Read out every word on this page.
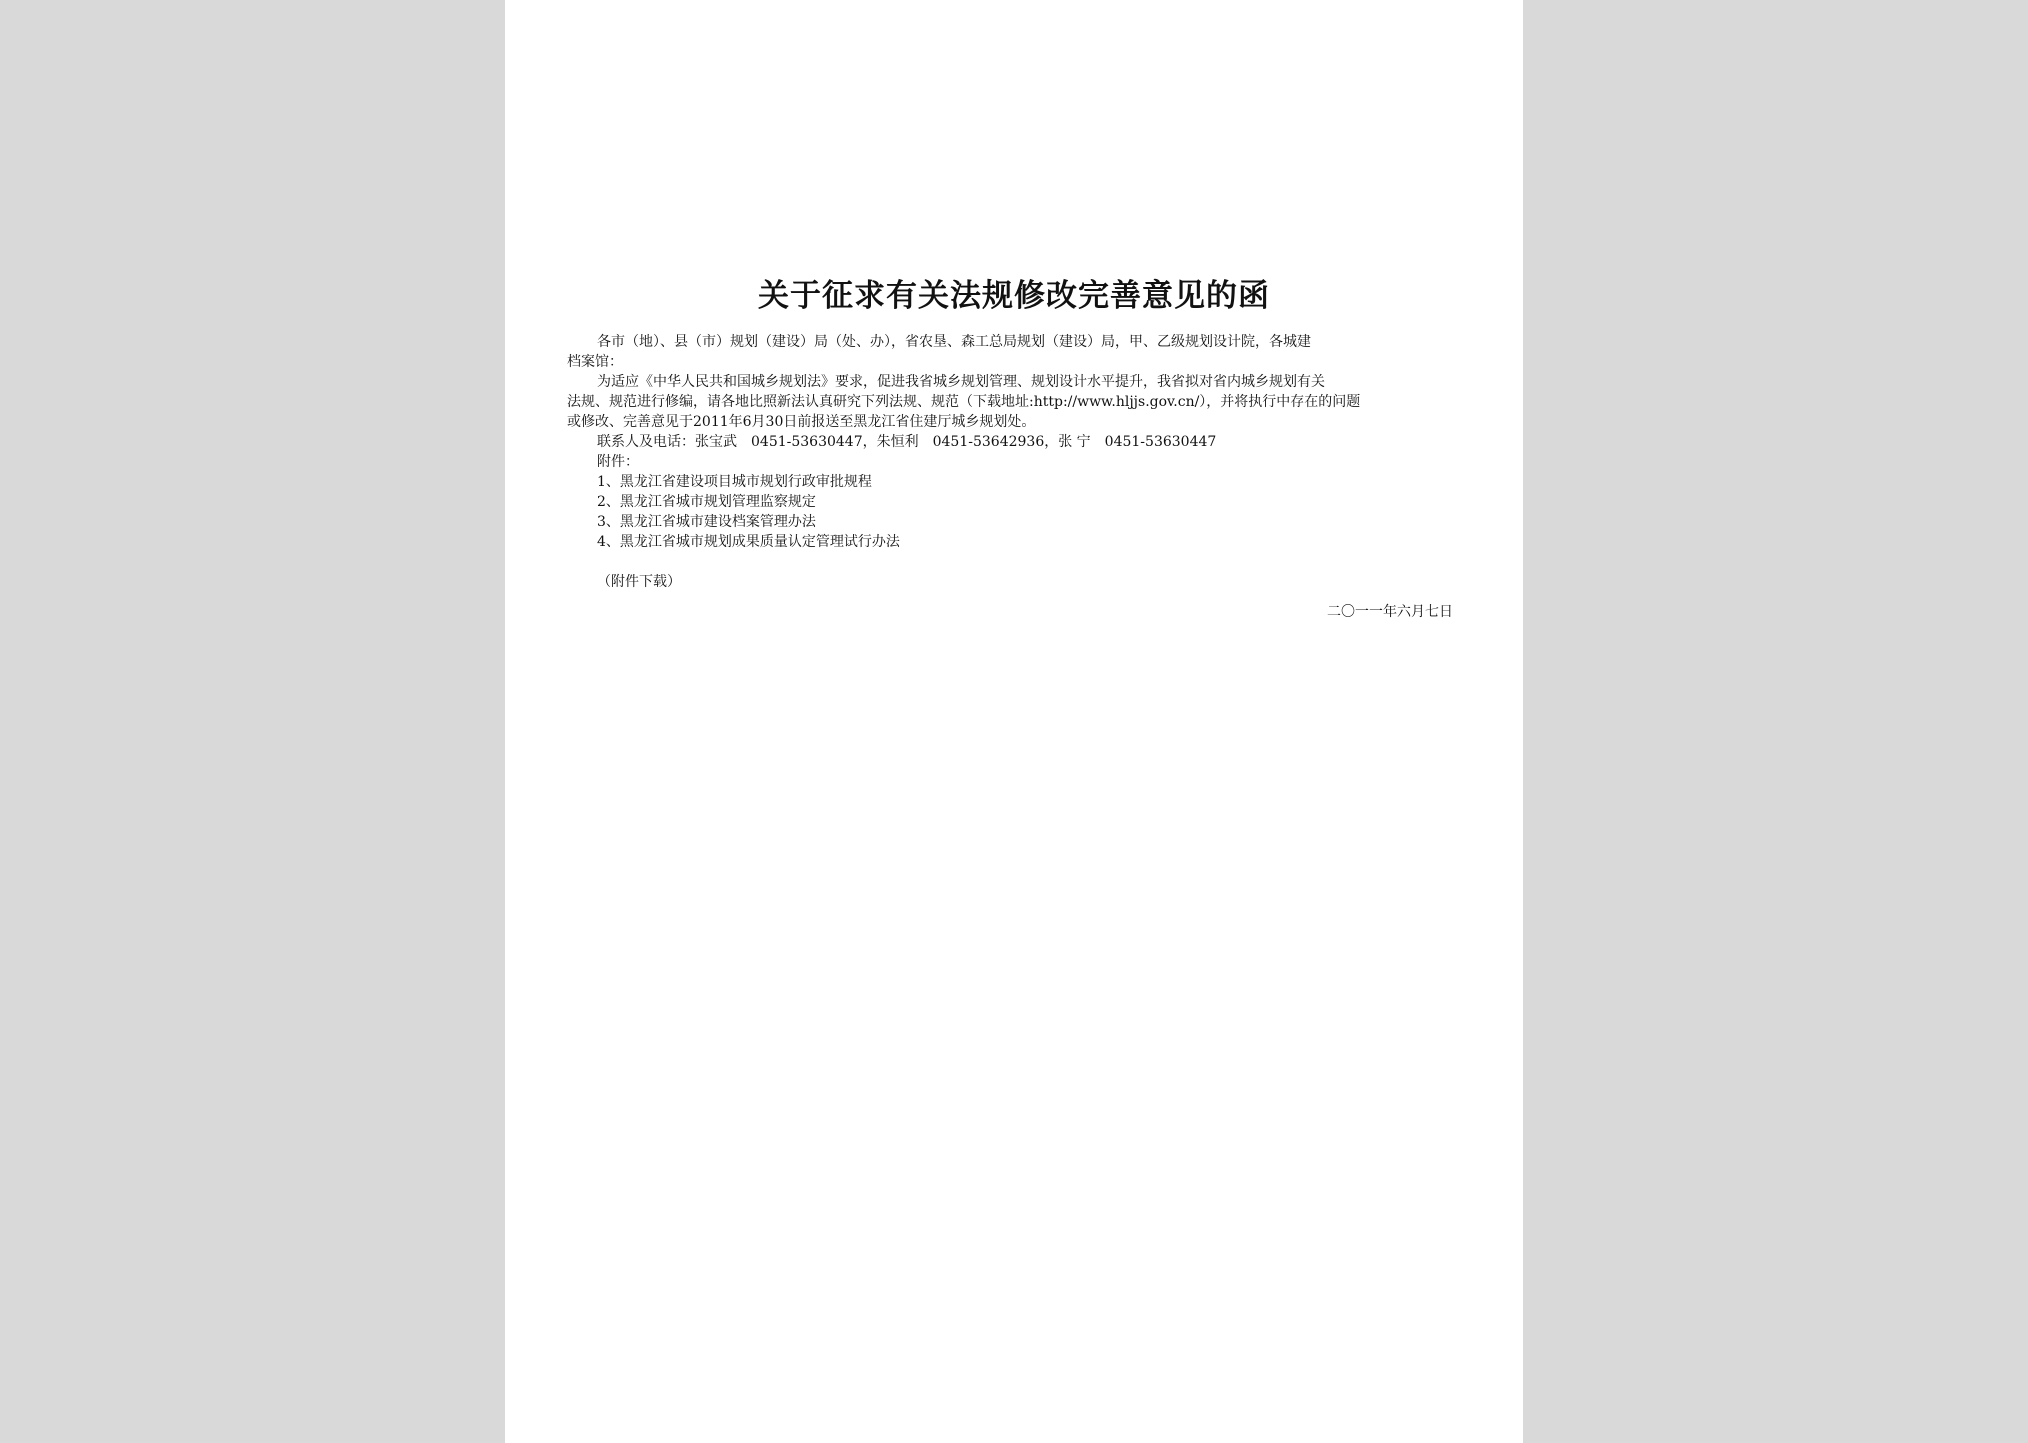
关于征求有关法规修改完善意见的函
各市（地）、县（市）规划（建设）局（处、办），省农垦、森工总局规划（建设）局，甲、乙级规划设计院，各城建
档案馆：
为适应《中华人民共和国城乡规划法》要求，促进我省城乡规划管理、规划设计水平提升，我省拟对省内城乡规划有关
法规、规范进行修编，请各地比照新法认真研究下列法规、规范（下载地址:http://www.hljjs.gov.cn/），并将执行中存在的问题
或修改、完善意见于2011年6月30日前报送至黑龙江省住建厅城乡规划处。
联系人及电话：张宝武　0451-53630447，朱恒利　0451-53642936，张 宁　0451-53630447
附件：
1、黑龙江省建设项目城市规划行政审批规程
2、黑龙江省城市规划管理监察规定
3、黑龙江省城市建设档案管理办法
4、黑龙江省城市规划成果质量认定管理试行办法
（附件下载）
二〇一一年六月七日
